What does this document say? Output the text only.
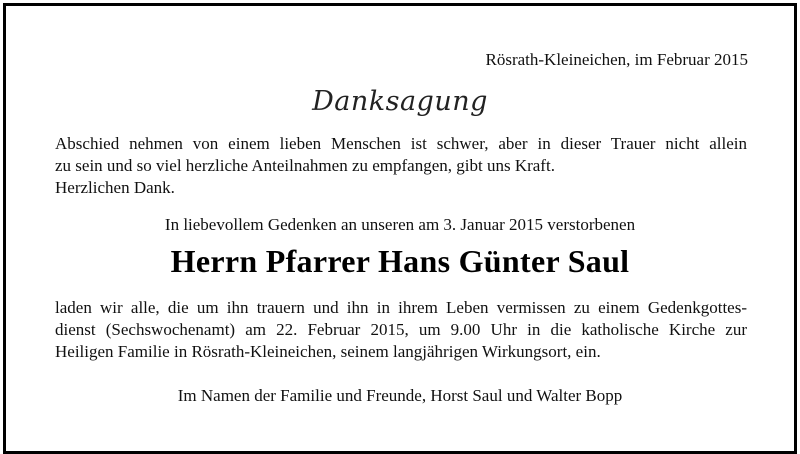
Rösrath-Kleineichen, im Februar 2015
Danksagung

Abschied nehmen von einem lieben Menschen ist schwer, aber in dieser Trauer nicht allein

zu sein und so viel herzliche Anteilnahmen zu empfangen, gibt uns Kraft.

Herzlichen Dank.

In liebevollem Gedenken an unseren am 3. Januar 2015 verstorbenen
Herrn Pfarrer Hans Günter Saul

laden wir alle, die um ihn trauern und ihn in ihrem Leben vermissen zu einem Gedenkgottes-

dienst (Sechswochenamt) am 22. Februar 2015, um 9.00 Uhr in die katholische Kirche zur

Heiligen Familie in Rösrath-Kleineichen, seinem langjährigen Wirkungsort, ein.

Im Namen der Familie und Freunde, Horst Saul und Walter Bopp
